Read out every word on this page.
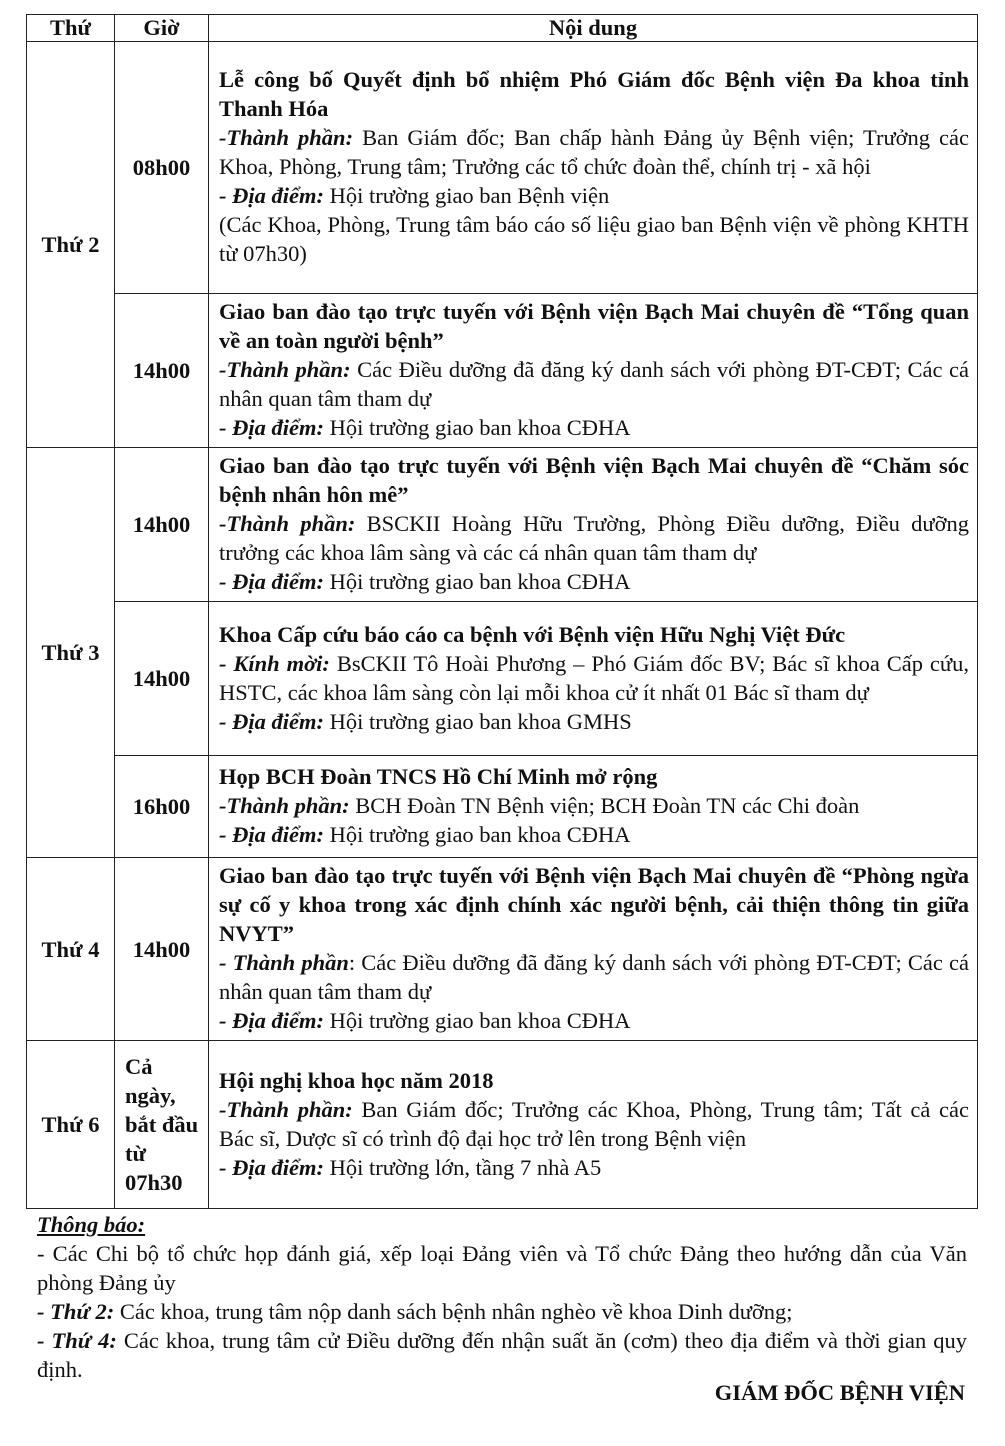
Thứ	Giờ	Nội dung
Thứ 2	08h00	Lễ công bố Quyết định bổ nhiệm Phó Giám đốc Bệnh viện Đa khoa tỉnh Thanh Hóa
-Thành phần: Ban Giám đốc; Ban chấp hành Đảng ủy Bệnh viện; Trưởng các Khoa, Phòng, Trung tâm; Trưởng các tổ chức đoàn thể, chính trị - xã hội
- Địa điểm: Hội trường giao ban Bệnh viện
(Các Khoa, Phòng, Trung tâm báo cáo số liệu giao ban Bệnh viện về phòng KHTH từ 07h30)

	14h00	Giao ban đào tạo trực tuyến với Bệnh viện Bạch Mai chuyên đề “Tổng quan về an toàn người bệnh”
-Thành phần: Các Điều dưỡng đã đăng ký danh sách với phòng ĐT-CĐT; Các cá nhân quan tâm tham dự
- Địa điểm: Hội trường giao ban khoa CĐHA

Thứ 3	14h00	Giao ban đào tạo trực tuyến với Bệnh viện Bạch Mai chuyên đề “Chăm sóc bệnh nhân hôn mê”
-Thành phần: BSCKII Hoàng Hữu Trường, Phòng Điều dưỡng, Điều dưỡng trưởng các khoa lâm sàng và các cá nhân quan tâm tham dự
- Địa điểm: Hội trường giao ban khoa CĐHA

	14h00	Khoa Cấp cứu báo cáo ca bệnh với Bệnh viện Hữu Nghị Việt Đức
- Kính mời: BsCKII Tô Hoài Phương – Phó Giám đốc BV; Bác sĩ khoa Cấp cứu, HSTC, các khoa lâm sàng còn lại mỗi khoa cử ít nhất 01 Bác sĩ tham dự
- Địa điểm: Hội trường giao ban khoa GMHS

	16h00	Họp BCH Đoàn TNCS Hồ Chí Minh mở rộng
-Thành phần: BCH Đoàn TN Bệnh viện; BCH Đoàn TN các Chi đoàn
- Địa điểm: Hội trường giao ban khoa CĐHA

Thứ 4	14h00	Giao ban đào tạo trực tuyến với Bệnh viện Bạch Mai chuyên đề “Phòng ngừa sự cố y khoa trong xác định chính xác người bệnh, cải thiện thông tin giữa NVYT”
- Thành phần: Các Điều dưỡng đã đăng ký danh sách với phòng ĐT-CĐT; Các cá nhân quan tâm tham dự
- Địa điểm: Hội trường giao ban khoa CĐHA

Thứ 6	Cả ngày, bắt đầu từ 07h30	Hội nghị khoa học năm 2018
-Thành phần: Ban Giám đốc; Trưởng các Khoa, Phòng, Trung tâm; Tất cả các Bác sĩ, Dược sĩ có trình độ đại học trở lên trong Bệnh viện
- Địa điểm: Hội trường lớn, tầng 7 nhà A5
Thông báo:
- Các Chi bộ tổ chức họp đánh giá, xếp loại Đảng viên và Tổ chức Đảng theo hướng dẫn của Văn phòng Đảng ủy
- Thứ 2: Các khoa, trung tâm nộp danh sách bệnh nhân nghèo về khoa Dinh dưỡng;
- Thứ 4: Các khoa, trung tâm cử Điều dưỡng đến nhận suất ăn (cơm) theo địa điểm và thời gian quy định.
GIÁM ĐỐC BỆNH VIỆN
